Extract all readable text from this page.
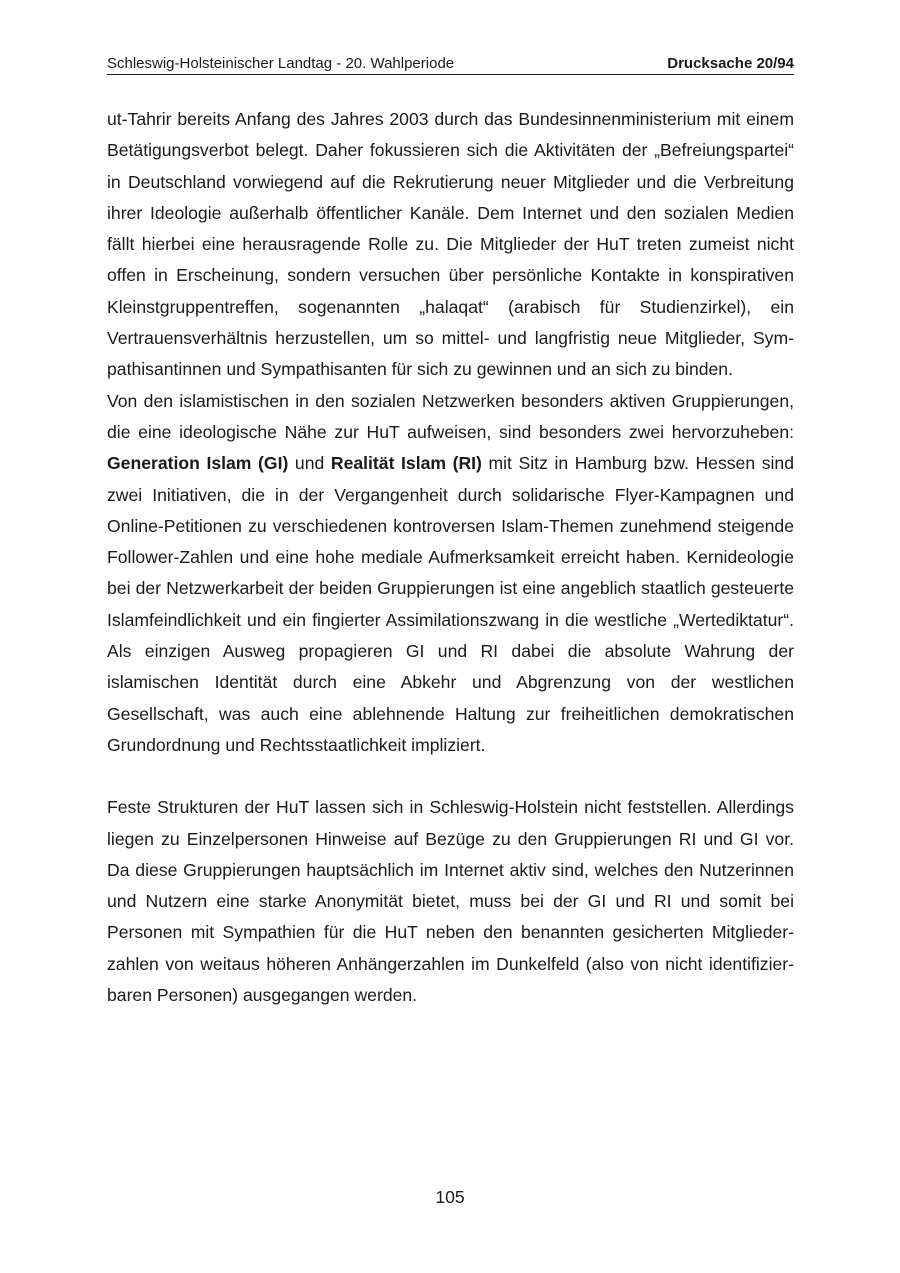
Schleswig-Holsteinischer Landtag - 20. Wahlperiode	Drucksache 20/94

ut-Tahrir bereits Anfang des Jahres 2003 durch das Bundesinnenministerium mit einem Betätigungsverbot belegt. Daher fokussieren sich die Aktivitäten der „Befreiungspartei“ in Deutschland vorwiegend auf die Rekrutierung neuer Mitglieder und die Verbreitung ihrer Ideologie außerhalb öffentlicher Kanäle. Dem Internet und den sozialen Medien fällt hierbei eine herausragende Rolle zu. Die Mitglieder der HuT treten zumeist nicht offen in Erscheinung, sondern versuchen über persönliche Kontakte in konspirativen Kleinstgruppentreffen, sogenannten „halaqat“ (arabisch für Studienzirkel), ein Vertrauensverhältnis herzustellen, um so mittel- und langfristig neue Mitglieder, Sympathisantinnen und Sympathisanten für sich zu gewinnen und an sich zu binden.

Von den islamistischen in den sozialen Netzwerken besonders aktiven Gruppierungen, die eine ideologische Nähe zur HuT aufweisen, sind besonders zwei hervorzuheben: Generation Islam (GI) und Realität Islam (RI) mit Sitz in Hamburg bzw. Hessen sind zwei Initiativen, die in der Vergangenheit durch solidarische Flyer-Kampagnen und Online-Petitionen zu verschiedenen kontroversen Islam-Themen zunehmend steigende Follower-Zahlen und eine hohe mediale Aufmerksamkeit erreicht haben. Kernideologie bei der Netzwerkarbeit der beiden Gruppierungen ist eine angeblich staatlich gesteuerte Islamfeindlichkeit und ein fingierter Assimilationszwang in die westliche „Wertediktatur“. Als einzigen Ausweg propagieren GI und RI dabei die absolute Wahrung der islamischen Identität durch eine Abkehr und Abgrenzung von der westlichen Gesellschaft, was auch eine ablehnende Haltung zur freiheitlichen demokratischen Grundordnung und Rechtsstaatlichkeit impliziert.

Feste Strukturen der HuT lassen sich in Schleswig-Holstein nicht feststellen. Allerdings liegen zu Einzelpersonen Hinweise auf Bezüge zu den Gruppierungen RI und GI vor. Da diese Gruppierungen hauptsächlich im Internet aktiv sind, welches den Nutzerinnen und Nutzern eine starke Anonymität bietet, muss bei der GI und RI und somit bei Personen mit Sympathien für die HuT neben den benannten gesicherten Mitgliederzahlen von weitaus höheren Anhängerzahlen im Dunkelfeld (also von nicht identifizierbaren Personen) ausgegangen werden.

105
